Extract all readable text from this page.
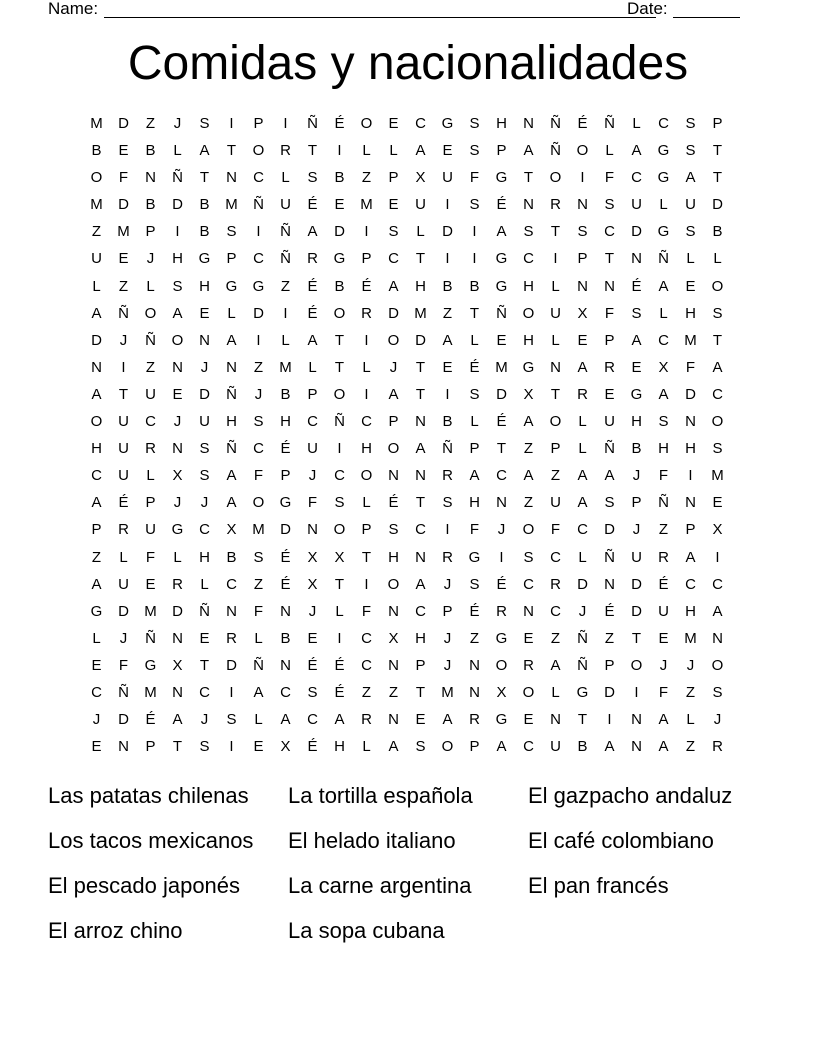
Name:	Date:
Comidas y nacionalidades
M	D	Z	J	S	I	P	I	Ñ	É	O	E	C	G	S	H	N	Ñ	É	Ñ	L	C	S	P
B	E	B	L	A	T	O	R	T	I	L	L	A	E	S	P	A	Ñ	O	L	A	G	S	T
O	F	N	Ñ	T	N	C	L	S	B	Z	P	X	U	F	G	T	O	I	F	C	G	A	T
M	D	B	D	B	M	Ñ	U	É	E	M	E	U	I	S	É	N	R	N	S	U	L	U	D
Z	M	P	I	B	S	I	Ñ	A	D	I	S	L	D	I	A	S	T	S	C	D	G	S	B
U	E	J	H	G	P	C	Ñ	R	G	P	C	T	I	I	G	C	I	P	T	N	Ñ	L	L
L	Z	L	S	H	G	G	Z	É	B	É	A	H	B	B	G	H	L	N	N	É	A	E	O
A	Ñ	O	A	E	L	D	I	É	O	R	D	M	Z	T	Ñ	O	U	X	F	S	L	H	S
D	J	Ñ	O	N	A	I	L	A	T	I	O	D	A	L	E	H	L	E	P	A	C	M	T
N	I	Z	N	J	N	Z	M	L	T	L	J	T	E	É	M G	N	A	R	E	X	F	A
A	T	U	E	D	Ñ	J	B	P	O	I	A	T	I	S	D	X	T	R	E	G	A	D	C
O	U	C	J	U	H	S	H	C	Ñ	C	P	N	B	L	É	A	O	L	U	H	S	N	O
H	U	R	N	S	Ñ	C	É	U	I	H	O	A	Ñ	P	T	Z	P	L	Ñ	B	H	H	S
C	U	L	X	S	A	F	P	J	C	O	N	N	R	A	C	A	Z	A	A	J	F	I	M
A	É	P	J	J	A	O	G	F	S	L	É	T	S	H	N	Z	U	A	S	P	Ñ	N	E
P	R	U	G	C	X	M	D	N	O	P	S	C	I	F	J	O	F	C	D	J	Z	P	X
Z	L	F	L	H	B	S	É	X	X	T	H	N	R	G	I	S	C	L	Ñ	U	R	A	I
A	U	E	R	L	C	Z	É	X	T	I	O	A	J	S	É	C	R	D	N	D	É	C	C
G	D	M	D	Ñ	N	F	N	J	L	F	N	C	P	É	R	N	C	J	É	D	U	H	A
L	J	Ñ	N	E	R	L	B	E	I	C	X	H	J	Z	G	E	Z	Ñ	Z	T	E	M	N
E	F	G	X	T	D	Ñ	N	É	É	C	N	P	J	N	O	R	A	Ñ	P	O	J	J	O
C	Ñ	M	N	C	I	A	C	S	É	Z	Z	T	M	N	X	O	L	G	D	I	F	Z	S
J	D	É	A	J	S	L	A	C	A	R	N	E	A	R	G	E	N	T	I	N	A	L	J
E	N	P	T	S	I	E	X	É	H	L	A	S	O	P	A	C	U	B	A	N	A	Z	R
Las patatas chilenas	La tortilla española	El gazpacho andaluz
Los tacos mexicanos	El helado italiano	El café colombiano
El pescado japonés	La carne argentina	El pan francés
El arroz chino	La sopa cubana
